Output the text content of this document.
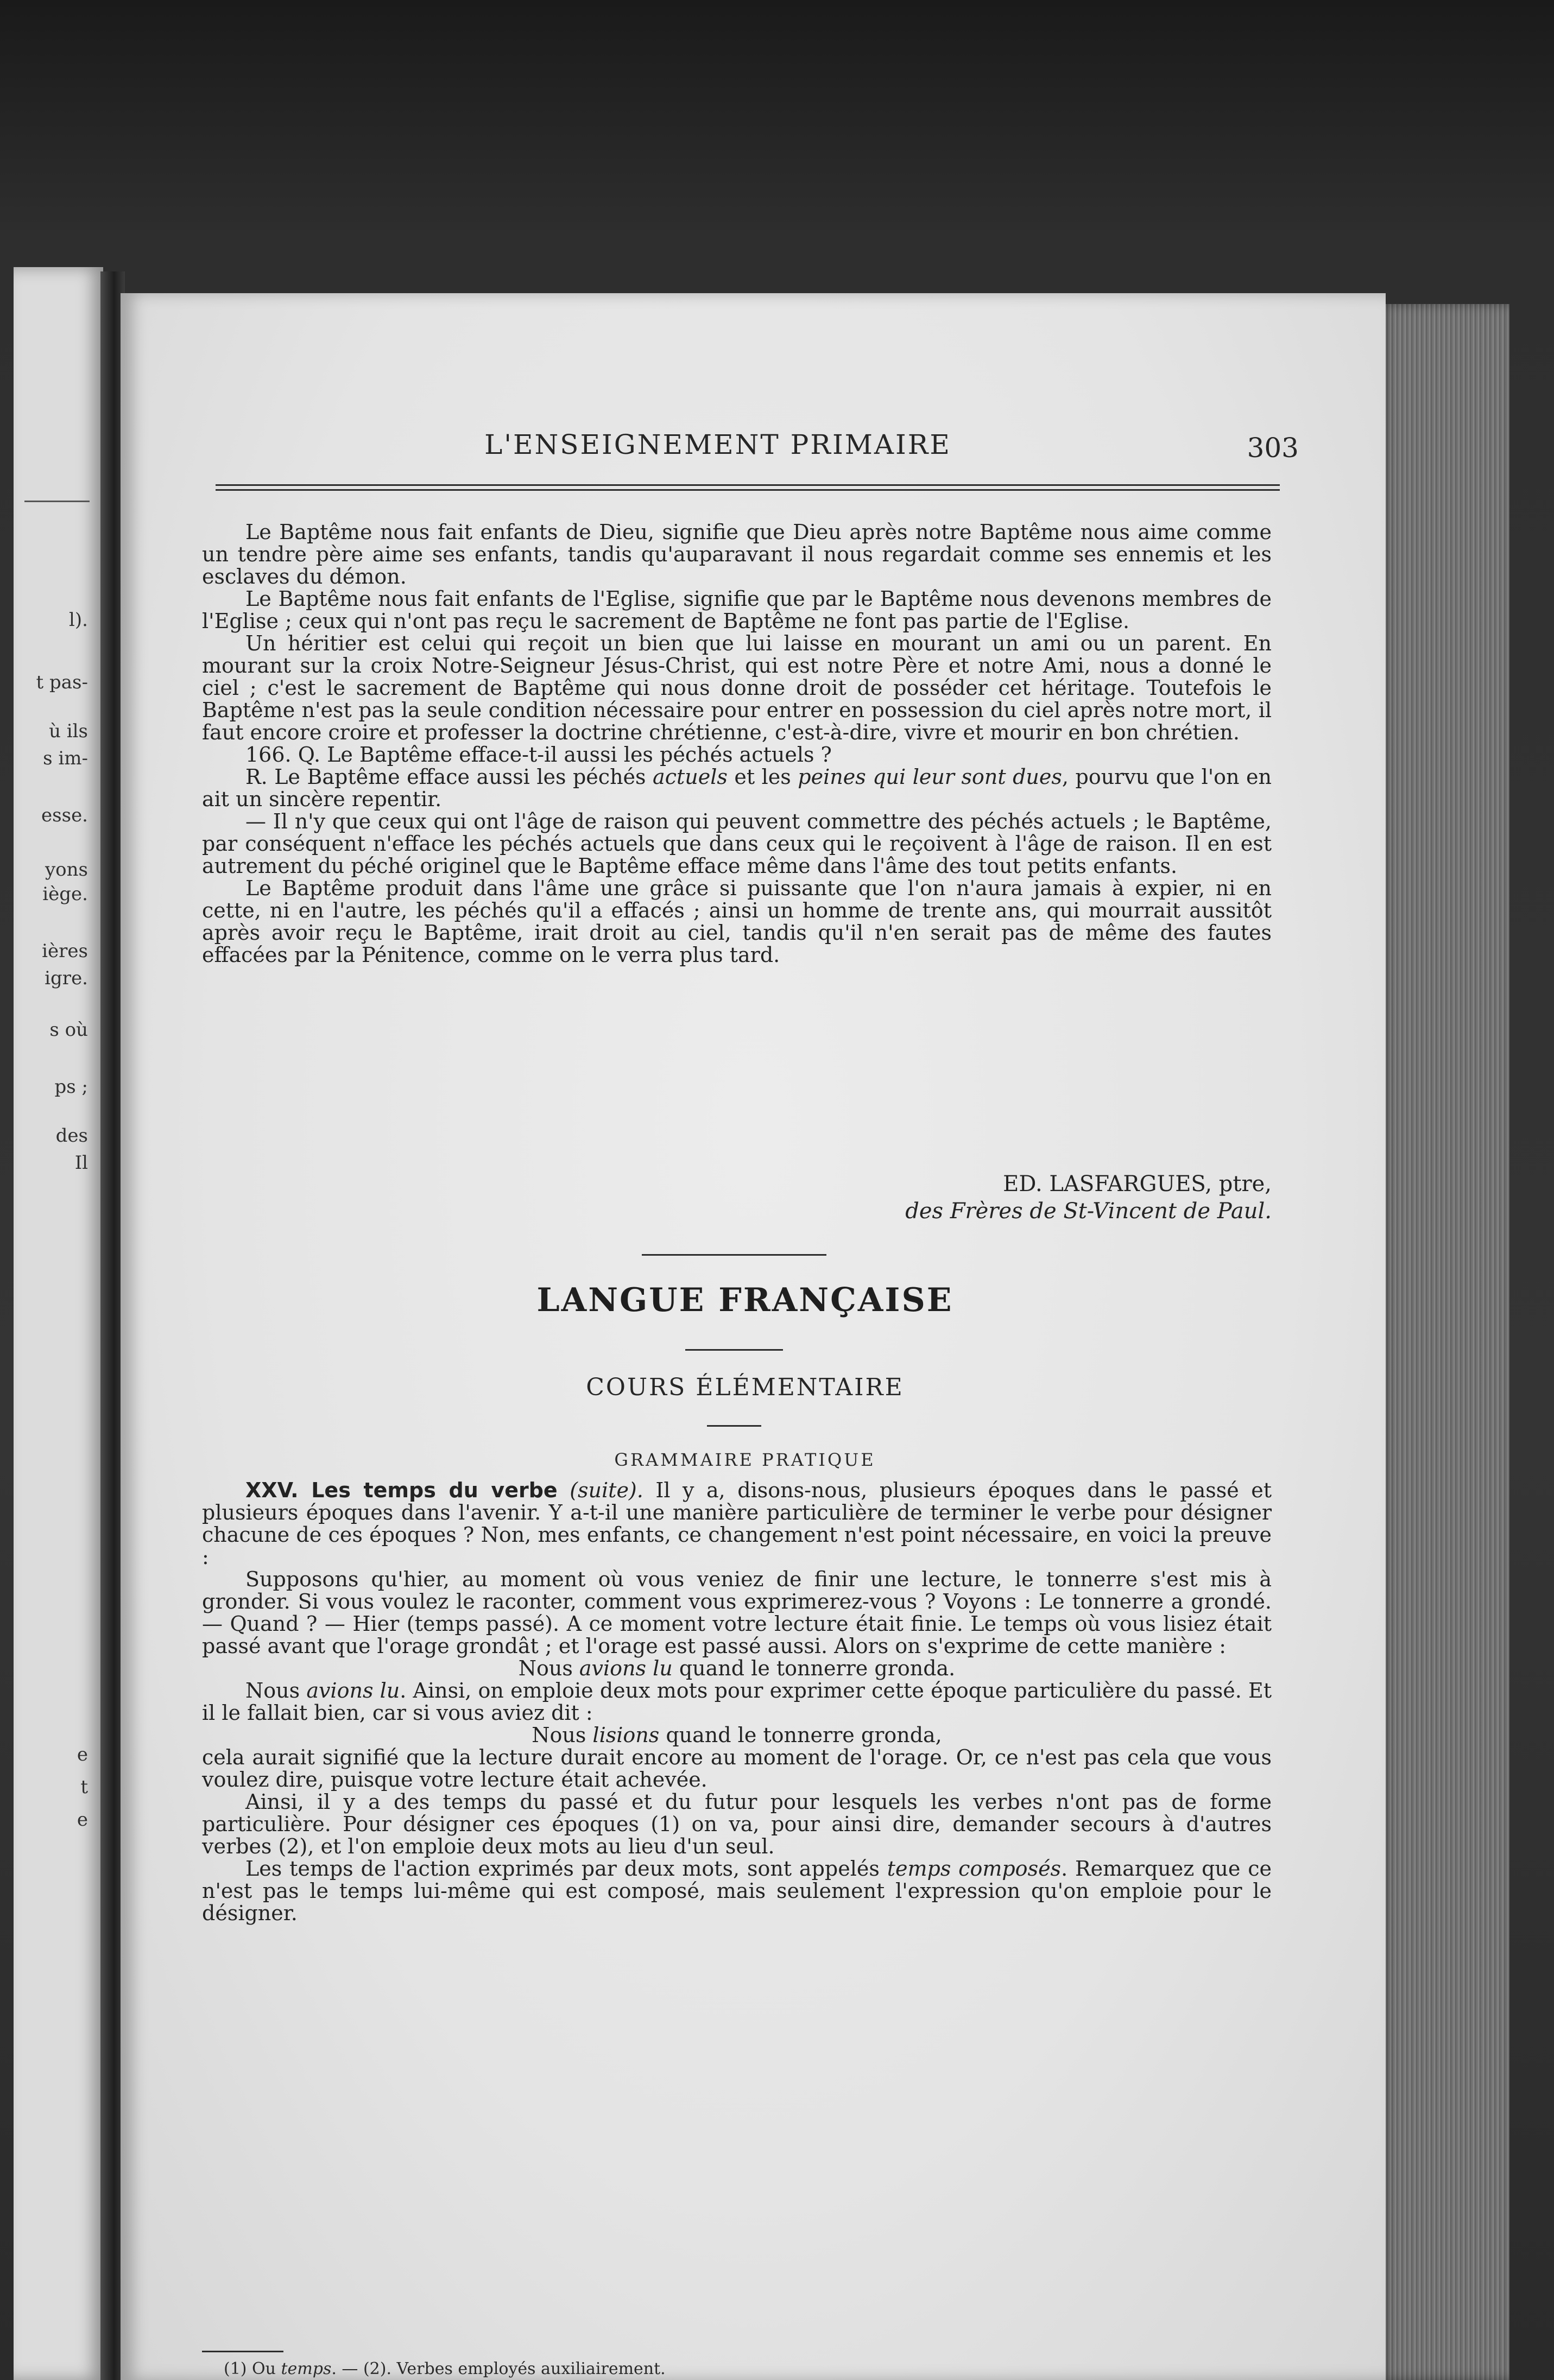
l).
t pas-
ù ils
s im-
esse.
yons
iège.
ières
igre.
s où
ps ;
des
Il
e
t
e
L'ENSEIGNEMENT PRIMAIRE	303

Le Baptême nous fait enfants de Dieu, signifie que Dieu après notre Baptême nous aime comme un tendre père aime ses enfants, tandis qu'auparavant il nous regardait comme ses ennemis et les esclaves du démon.

Le Baptême nous fait enfants de l'Eglise, signifie que par le Baptême nous devenons membres de l'Eglise ; ceux qui n'ont pas reçu le sacrement de Baptême ne font pas partie de l'Eglise.

Un héritier est celui qui reçoit un bien que lui laisse en mourant un ami ou un parent. En mourant sur la croix Notre-Seigneur Jésus-Christ, qui est notre Père et notre Ami, nous a donné le ciel ; c'est le sacrement de Baptême qui nous donne droit de posséder cet héritage. Toutefois le Baptême n'est pas la seule condition nécessaire pour entrer en possession du ciel après notre mort, il faut encore croire et professer la doctrine chrétienne, c'est-à-dire, vivre et mourir en bon chrétien.

166. Q. Le Baptême efface-t-il aussi les péchés actuels ?

R. Le Baptême efface aussi les péchés actuels et les peines qui leur sont dues, pourvu que l'on en ait un sincère repentir.

— Il n'y que ceux qui ont l'âge de raison qui peuvent commettre des péchés actuels ; le Baptême, par conséquent n'efface les péchés actuels que dans ceux qui le reçoivent à l'âge de raison. Il en est autrement du péché originel que le Baptême efface même dans l'âme des tout petits enfants.

Le Baptême produit dans l'âme une grâce si puissante que l'on n'aura jamais à expier, ni en cette, ni en l'autre, les péchés qu'il a effacés ; ainsi un homme de trente ans, qui mourrait aussitôt après avoir reçu le Baptême, irait droit au ciel, tandis qu'il n'en serait pas de même des fautes effacées par la Pénitence, comme on le verra plus tard.

ED. LASFARGUES, ptre,
des Frères de St-Vincent de Paul.
LANGUE FRANÇAISE
COURS ÉLÉMENTAIRE
GRAMMAIRE PRATIQUE

XXV. Les temps du verbe (suite). Il y a, disons-nous, plusieurs époques dans le passé et plusieurs époques dans l'avenir. Y a-t-il une manière particulière de terminer le verbe pour désigner chacune de ces époques ? Non, mes enfants, ce changement n'est point nécessaire, en voici la preuve :

Supposons qu'hier, au moment où vous veniez de finir une lecture, le tonnerre s'est mis à gronder. Si vous voulez le raconter, comment vous exprimerez-vous ? Voyons : Le tonnerre a grondé. — Quand ? — Hier (temps passé). A ce moment votre lecture était finie. Le temps où vous lisiez était passé avant que l'orage grondât ; et l'orage est passé aussi. Alors on s'exprime de cette manière :

Nous avions lu quand le tonnerre gronda.

Nous avions lu. Ainsi, on emploie deux mots pour exprimer cette époque particulière du passé. Et il le fallait bien, car si vous aviez dit :

Nous lisions quand le tonnerre gronda,

cela aurait signifié que la lecture durait encore au moment de l'orage. Or, ce n'est pas cela que vous voulez dire, puisque votre lecture était achevée.

Ainsi, il y a des temps du passé et du futur pour lesquels les verbes n'ont pas de forme particulière. Pour désigner ces époques (1) on va, pour ainsi dire, demander secours à d'autres verbes (2), et l'on emploie deux mots au lieu d'un seul.

Les temps de l'action exprimés par deux mots, sont appelés temps composés. Remarquez que ce n'est pas le temps lui-même qui est composé, mais seulement l'expression qu'on emploie pour le désigner.

(1) Ou temps. — (2). Verbes employés auxiliairement.
